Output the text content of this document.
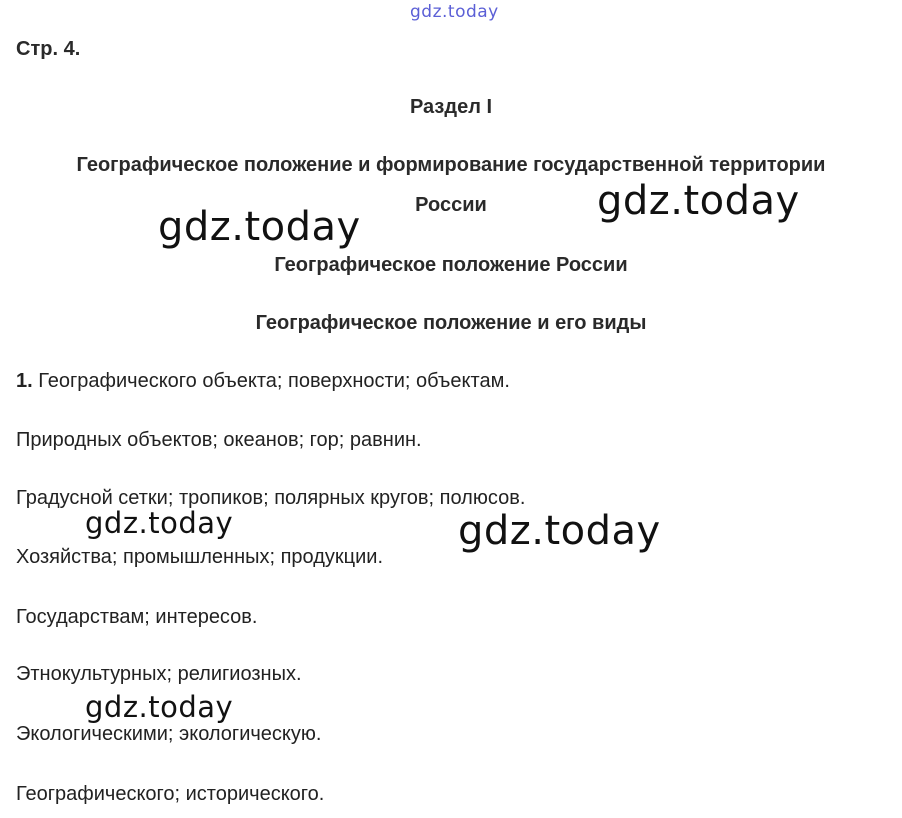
gdz.today
Стр. 4.
Раздел I
Географическое положение и формирование государственной территории
России
Географическое положение России
Географическое положение и его виды
gdz.today
gdz.today
gdz.today
gdz.today
gdz.today
1. Географического объекта; поверхности; объектам.
Природных объектов; океанов; гор; равнин.
Градусной сетки; тропиков; полярных кругов; полюсов.
Хозяйства; промышленных; продукции.
Государствам; интересов.
Этнокультурных; религиозных.
Экологическими; экологическую.
Географического; исторического.
